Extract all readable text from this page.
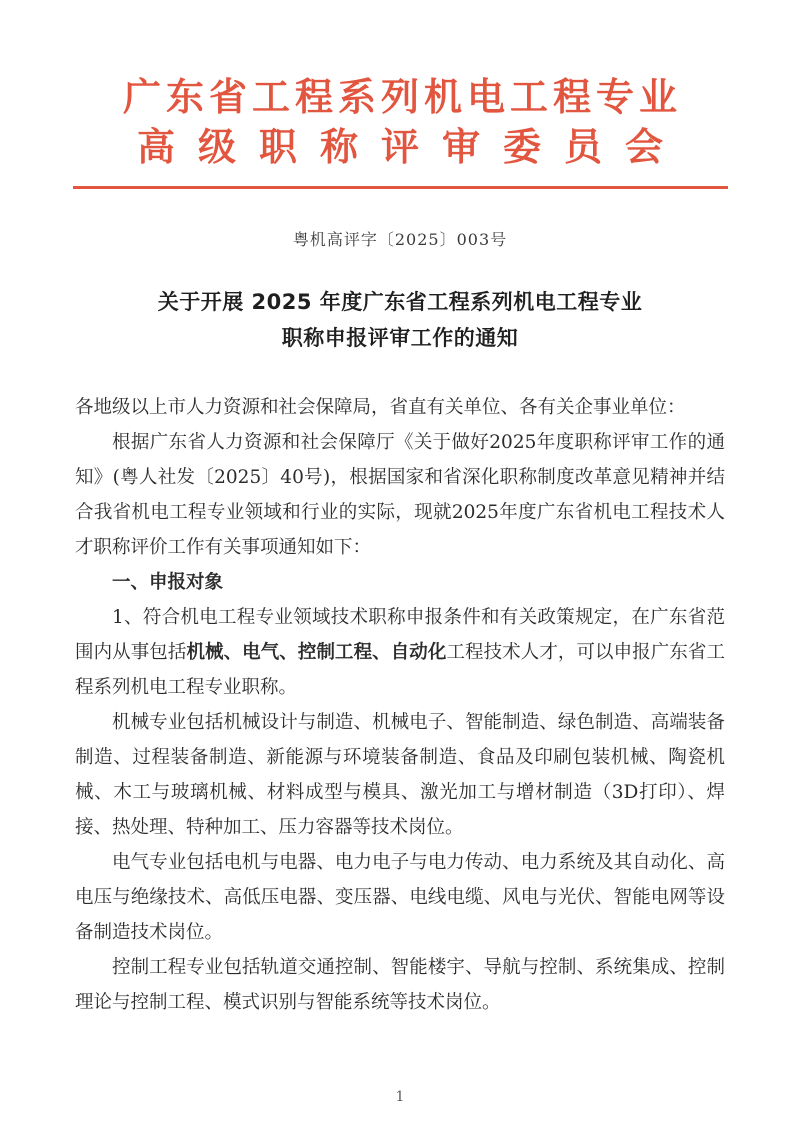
广东省工程系列机电工程专业
高级职称评审委员会
粤机高评字〔2025〕003号
关于开展 2025 年度广东省工程系列机电工程专业
职称申报评审工作的通知

各地级以上市人力资源和社会保障局，省直有关单位、各有关企事业单位：

根据广东省人力资源和社会保障厅《关于做好2025年度职称评审工作的通知》(粤人社发〔2025〕40号)，根据国家和省深化职称制度改革意见精神并结合我省机电工程专业领域和行业的实际，现就2025年度广东省机电工程技术人才职称评价工作有关事项通知如下：

一、申报对象

1、符合机电工程专业领域技术职称申报条件和有关政策规定，在广东省范围内从事包括机械、电气、控制工程、自动化工程技术人才，可以申报广东省工程系列机电工程专业职称。

机械专业包括机械设计与制造、机械电子、智能制造、绿色制造、高端装备制造、过程装备制造、新能源与环境装备制造、食品及印刷包装机械、陶瓷机械、木工与玻璃机械、材料成型与模具、激光加工与增材制造（3D打印）、焊接、热处理、特种加工、压力容器等技术岗位。

电气专业包括电机与电器、电力电子与电力传动、电力系统及其自动化、高电压与绝缘技术、高低压电器、变压器、电线电缆、风电与光伏、智能电网等设备制造技术岗位。

控制工程专业包括轨道交通控制、智能楼宇、导航与控制、系统集成、控制理论与控制工程、模式识别与智能系统等技术岗位。

1
